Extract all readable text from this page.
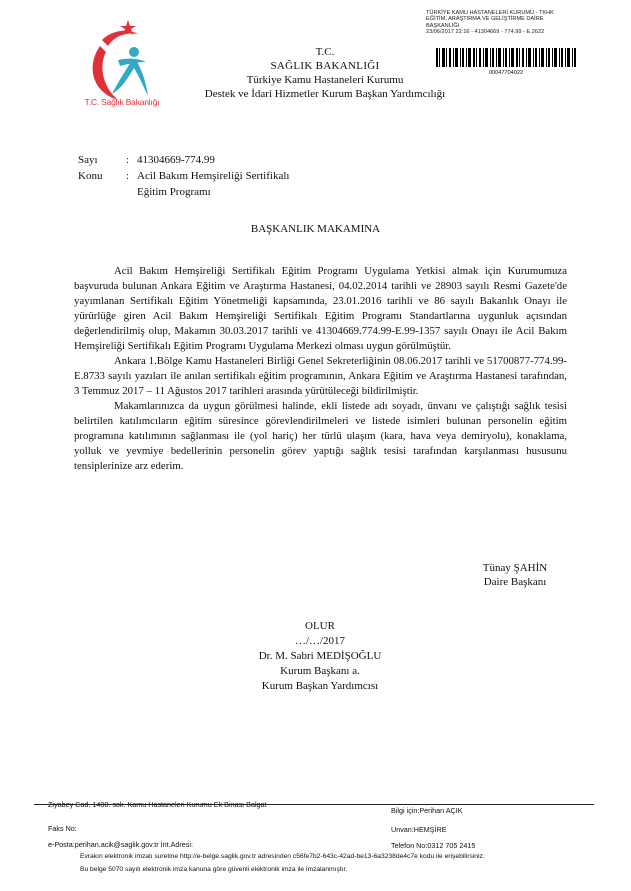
T.C. Sağlık Bakanlığı
TÜRKİYE KAMU HASTANELERİ KURUMU - TKHK
EĞİTİM, ARAŞTIRMA VE GELİŞTİRME DAİRE
BAŞKANLIĞI
23/06/2017 22:16 - 41304669 - 774.99 - E.2622
00047704022
T.C.
SAĞLIK BAKANLIĞI
Türkiye Kamu Hastaneleri Kurumu
Destek ve İdari Hizmetler Kurum Başkan Yardımcılığı
Sayı	: 41304669-774.99
Konu : Acil Bakım Hemşireliği Sertifikalı
Eğitim Programı
BAŞKANLIK MAKAMINA

Acil Bakım Hemşireliği Sertifikalı Eğitim Programı Uygulama Yetkisi almak için Kurumumuza başvuruda bulunan Ankara Eğitim ve Araştırma Hastanesi, 04.02.2014 tarihli ve 28903 sayılı Resmi Gazete'de yayımlanan Sertifikalı Eğitim Yönetmeliği kapsamında, 23.01.2016 tarihli ve 86 sayılı Bakanlık Onayı ile yürürlüğe giren Acil Bakım Hemşireliği Sertifikalı Eğitim Programı Standartlarına uygunluk açısından değerlendirilmiş olup, Makamın 30.03.2017 tarihli ve 41304669.774.99-E.99-1357 sayılı Onayı ile Acil Bakım Hemşireliği Sertifikalı Eğitim Programı Uygulama Merkezi olması uygun görülmüştür.

Ankara 1.Bölge Kamu Hastaneleri Birliği Genel Sekreterliğinin 08.06.2017 tarihli ve 51700877-774.99-E.8733 sayılı yazıları ile anılan sertifikalı eğitim programının, Ankara Eğitim ve Araştırma Hastanesi tarafından, 3 Temmuz 2017 – 11 Ağustos 2017 tarihleri arasında yürütüleceği bildirilmiştir.

Makamlarınızca da uygun görülmesi halinde, ekli listede adı soyadı, ünvanı ve çalıştığı sağlık tesisi belirtilen katılımcıların eğitim süresince görevlendirilmeleri ve listede isimleri bulunan personelin eğitim programına katılımının sağlanması ile (yol hariç) her türlü ulaşım (kara, hava veya demiryolu), konaklama, yolluk ve yevmiye bedellerinin personelin görev yaptığı sağlık tesisi tarafından karşılanması hususunu tensiplerinize arz ederim.

Tünay ŞAHİN
Daire Başkanı
OLUR
…/…/2017
Dr. M. Sabri MEDİŞOĞLU
Kurum Başkanı a.
Kurum Başkan Yardımcısı
Ziyabey Cad. 1400. sok. Kamu Hastaneleri Kurumu Ek Binası Balgat
Bilgi için:Perihan AÇIK
Faks No:	Unvan:HEMŞİRE
e-Posta:perihan.acik@saglik.gov.tr İnt.Adresi:	Telefon No:0312 705 2415
Evrakın elektronik imzalı suretine http://e-belge.saglik.gov.tr adresinden c56fe7b2-643c-42ad-be13-6a3238de4c7e kodu ile erişebilirsiniz.
Bu belge 5070 sayılı elektronik imza kanuna göre güvenli elektronik imza ile imzalanmıştır.
